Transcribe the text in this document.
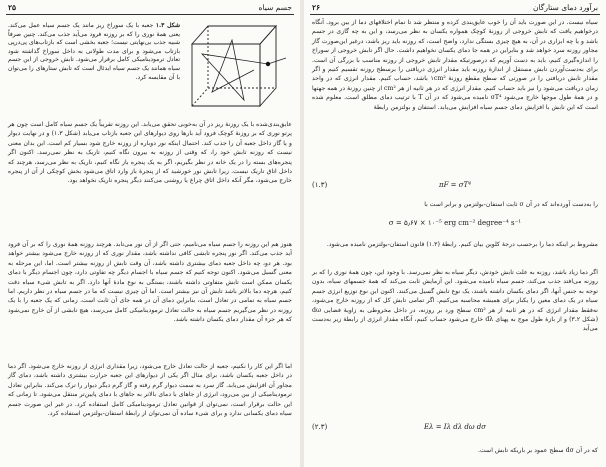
جسم سیاه
۲۵
شکل ۱.۳ جعبه با یک سوراخ ریز مانند یک جسم سیاه عمل می‌کند. یعنی همهٔ نوری را که بر روزنه فرود می‌آید جذب می‌کند. چنین صرفاً شبیه جذب بی‌نهایتی نیست؛ جعبه بخشی است که بازتاب‌های پی‌درپی بازتاب می‌شود و برای مدت طولانی به داخل سوراخ گذاشته شود تعادل ترمودینامیکی کامل برقرار می‌شود. تابش خروجی از این جسم سیاه همانند یک جسم سیاه ایدئال است که تابش ستارهای را می‌توان با آن مقایسه کرد.
عایق‌بندی‌شده با یک روزنهٔ ریز در آن به‌خوبی تحقق می‌یابد. این روزنه تقریباً یک جسم سیاه کامل است چون هر پرتو نوری که بر روزنهٔ کوچک فرود آید بارها روی دیوارهای این جعبه بازتاب می‌یابد (شکل ۱.۳) و در نهایت دیوار و یا گاز داخل جعبه آن را جذب کند. احتمال اینکه نور دوباره از روزنه خارج شود بسیار کم است. این بدان معنی نیست که روزنه تابش خود را، که وقتی از روزنه به بیرون نگاه کنیم، تاریک به نظر نمی‌رسد. اکنون اگر پنجره‌های بسته را در یک خانه در نظر بگیریم، اگر به یک پنجره باز نگاه کنیم، تاریک به نظر می‌رسد، هرچند که داخل اتاق تاریک نیست. زیرا تابش نور خورشید که از پنجرهٔ باز وارد اتاق می‌شود بخش کوچکی از آن از پنجره خارج می‌شود، مگر آنکه داخل اتاق چراغ یا روشنی می‌کنند دیگر پنجره تاریک نخواهد بود.
هنوز هم این روزنه را جسم سیاه می‌نامیم، حتی اگر از آن نور می‌تابد. هرچند روزنه همهٔ نوری را که بر آن فرود آید جذب می‌کند. اگر نور پنجره تابشی کافی نداشته باشد، مقدار نوری که از روزنه خارج می‌شود بیشتر خواهد بود. هر دو، چه داخل جعبه دمای بیشتری داشته باشد، آن وقت تابش از روزنه بیشتر است. اما، این مرحله به معنی گسیل می‌شود. اکنون توجه کنیم که جسم سیاه با اجسام دیگر چه تفاوتی دارد، چون اجسام دیگر با دمای یکسان ممکن است تابش متفاوتی داشته باشند، بستگی به نوع مادهٔ آنها دارد. اگر به تابش شیء سیاه دقت کنیم، هرچه دما بالاتر باشد تابش آن نیز بیشتر است. اما آن چیزی نیست که ما در جسم سیاه در نظر داریم. اما جسم سیاه به تمامی در تعادل است، بنابراین دمای آن در همه جای آن ثابت است. زمانی که یک جعبه را با یک روزنه در نظر می‌گیریم جسم سیاه به حالت تعادل ترمودینامیکی کامل می‌رسد، هیچ تابشی از آن خارج نمی‌شود که هر جزء آن مقدار دمای یکسان داشته باشد.
اما اگر این کار را نکنیم، جعبه از حالت تعادل خارج می‌شود، زیرا مقداری انرژی از روزنه خارج می‌شود. اگر دما در داخل جعبه یکسان باشد، برای مثال اگر یکی از دیوارهای این جعبه حرارت بیشتری داشته باشد، دمای گاز مجاور آن افزایش می‌یابد. گاز سرد به سمت دیوار گرم رفته و گاز گرم دیگر دیوار را ترک می‌کند. بنابراین تعادل ترمودینامیکی از بین می‌رود، انرژی از جاهای با دمای بالاتر به جاهای با دمای پایین‌تر منتقل می‌شود. تا زمانی که این حالت برقرار است، نمی‌توان از قوانین تعادل ترمودینامیکی کامل استفاده کرد. در غیر این صورت جسم سیاه دمای یکسانی ندارد و برای شیء ساده آن نمی‌توان از رابطهٔ استفان-بولتزمن استفاده کرد.
برآورد دمای ستارگان
۲۶
سیاه نیست. در این صورت باید آن را خوب عایق‌بندی کرده و منتظر شد تا تمام اختلافهای دما از بین برود. آنگاه درخواهیم یافت که تابش خروجی از روزنهٔ کوچک همواره یکسان به نظر می‌رسد، و این به چه گازی در جسم باشد و یا چه ابزاری در آن، به هیچ چیزی بستگی ندارد، واضح است، که روزنه باید ریز باشد، درغیر این‌صورت گاز مجاور روزنه سرد خواهد شد و بنابراین در همه جا دمای یکسان نخواهیم داشت. حال اگر تابش خروجی از سوراخ را اندازه‌گیری کنیم، باید به دست آوریم که درصورتیکه مقدار تابش خروجی از روزنه مناسب با بزرگی آن است. برای به‌دست‌آوردن تابش مستقل از اندازهٔ روزنه باید مقدار انرژی دریافتی را برسطح روزنه تقسیم کنیم و اگر مقدار تابش دریافتی را در صورتی که سطح مقطع روزنهٔ ۱cm² باشد، حساب کنیم. مقدار انرژی که در واحد زمان دریافت می‌شود را نیز باید حساب کنیم. مقدار انرژی که در هر ثانیه از هر cm² از چنین روزنهٔ در همه جهتها و در همهٔ طول موجها خارج می‌شود σT⁴ نامیده می‌شود که در آن T با ترتیب دمای مطلق است. معلوم شده است که این تابش با افزایش دمای جسم سیاه افزایش می‌یابد. استفان و بولتزمن رابطهٔ
(۱.۳)	πF = σT⁴
را به‌دست آورده‌اند که در آن σ ثابت استفان-بولتزمن و برابر است با
σ = ۵٫۶۷ × ۱۰⁻⁵ erg cm⁻² degree⁻⁴ s⁻¹
مشروط بر اینکه دما را برحسب درجهٔ کلوین بیان کنیم. رابطهٔ (۱.۳) قانون استفان-بولتزمن نامیده می‌شود.
اگر دما زیاد باشد، روزنه به علت تابش خودش، دیگر سیاه به نظر نمی‌رسد. با وجود این، چون همهٔ نوری را که بر روزنه می‌افتد جذب می‌کند، جسم سیاه نامیده می‌شود. این آزمایش ثابت می‌کند که همهٔ جسمهای سیاه، بدون توجه به جنس آنها، اگر دمای یکسان داشته باشند، یک نوع تابش گسیل می‌کنند. اکنون این نوع توزیع انرژی جسم سیاه در یک دمای معین را یکبار برای همیشه محاسبه می‌کنیم. اگر تمامی تابش کل که از روزنه خارج می‌شود، نه‌فقط مقدار انرژی که در هر ثانیه از هر cm² سطح ورد بر روزنه، در داخل مخروطی به زاویهٔ فضایی dω (شکل ۳.۲) و از بازهٔ طول موج به پهنای dλ خارج می‌شود حساب کنیم، آنگاه مقدار انرژی از رابطهٔ زیر به‌دست می‌آید
(۲.۳)	Eλ = Iλ dλ dω dσ
که در آن dσ سطح عمود بر باریکه تابش است.
